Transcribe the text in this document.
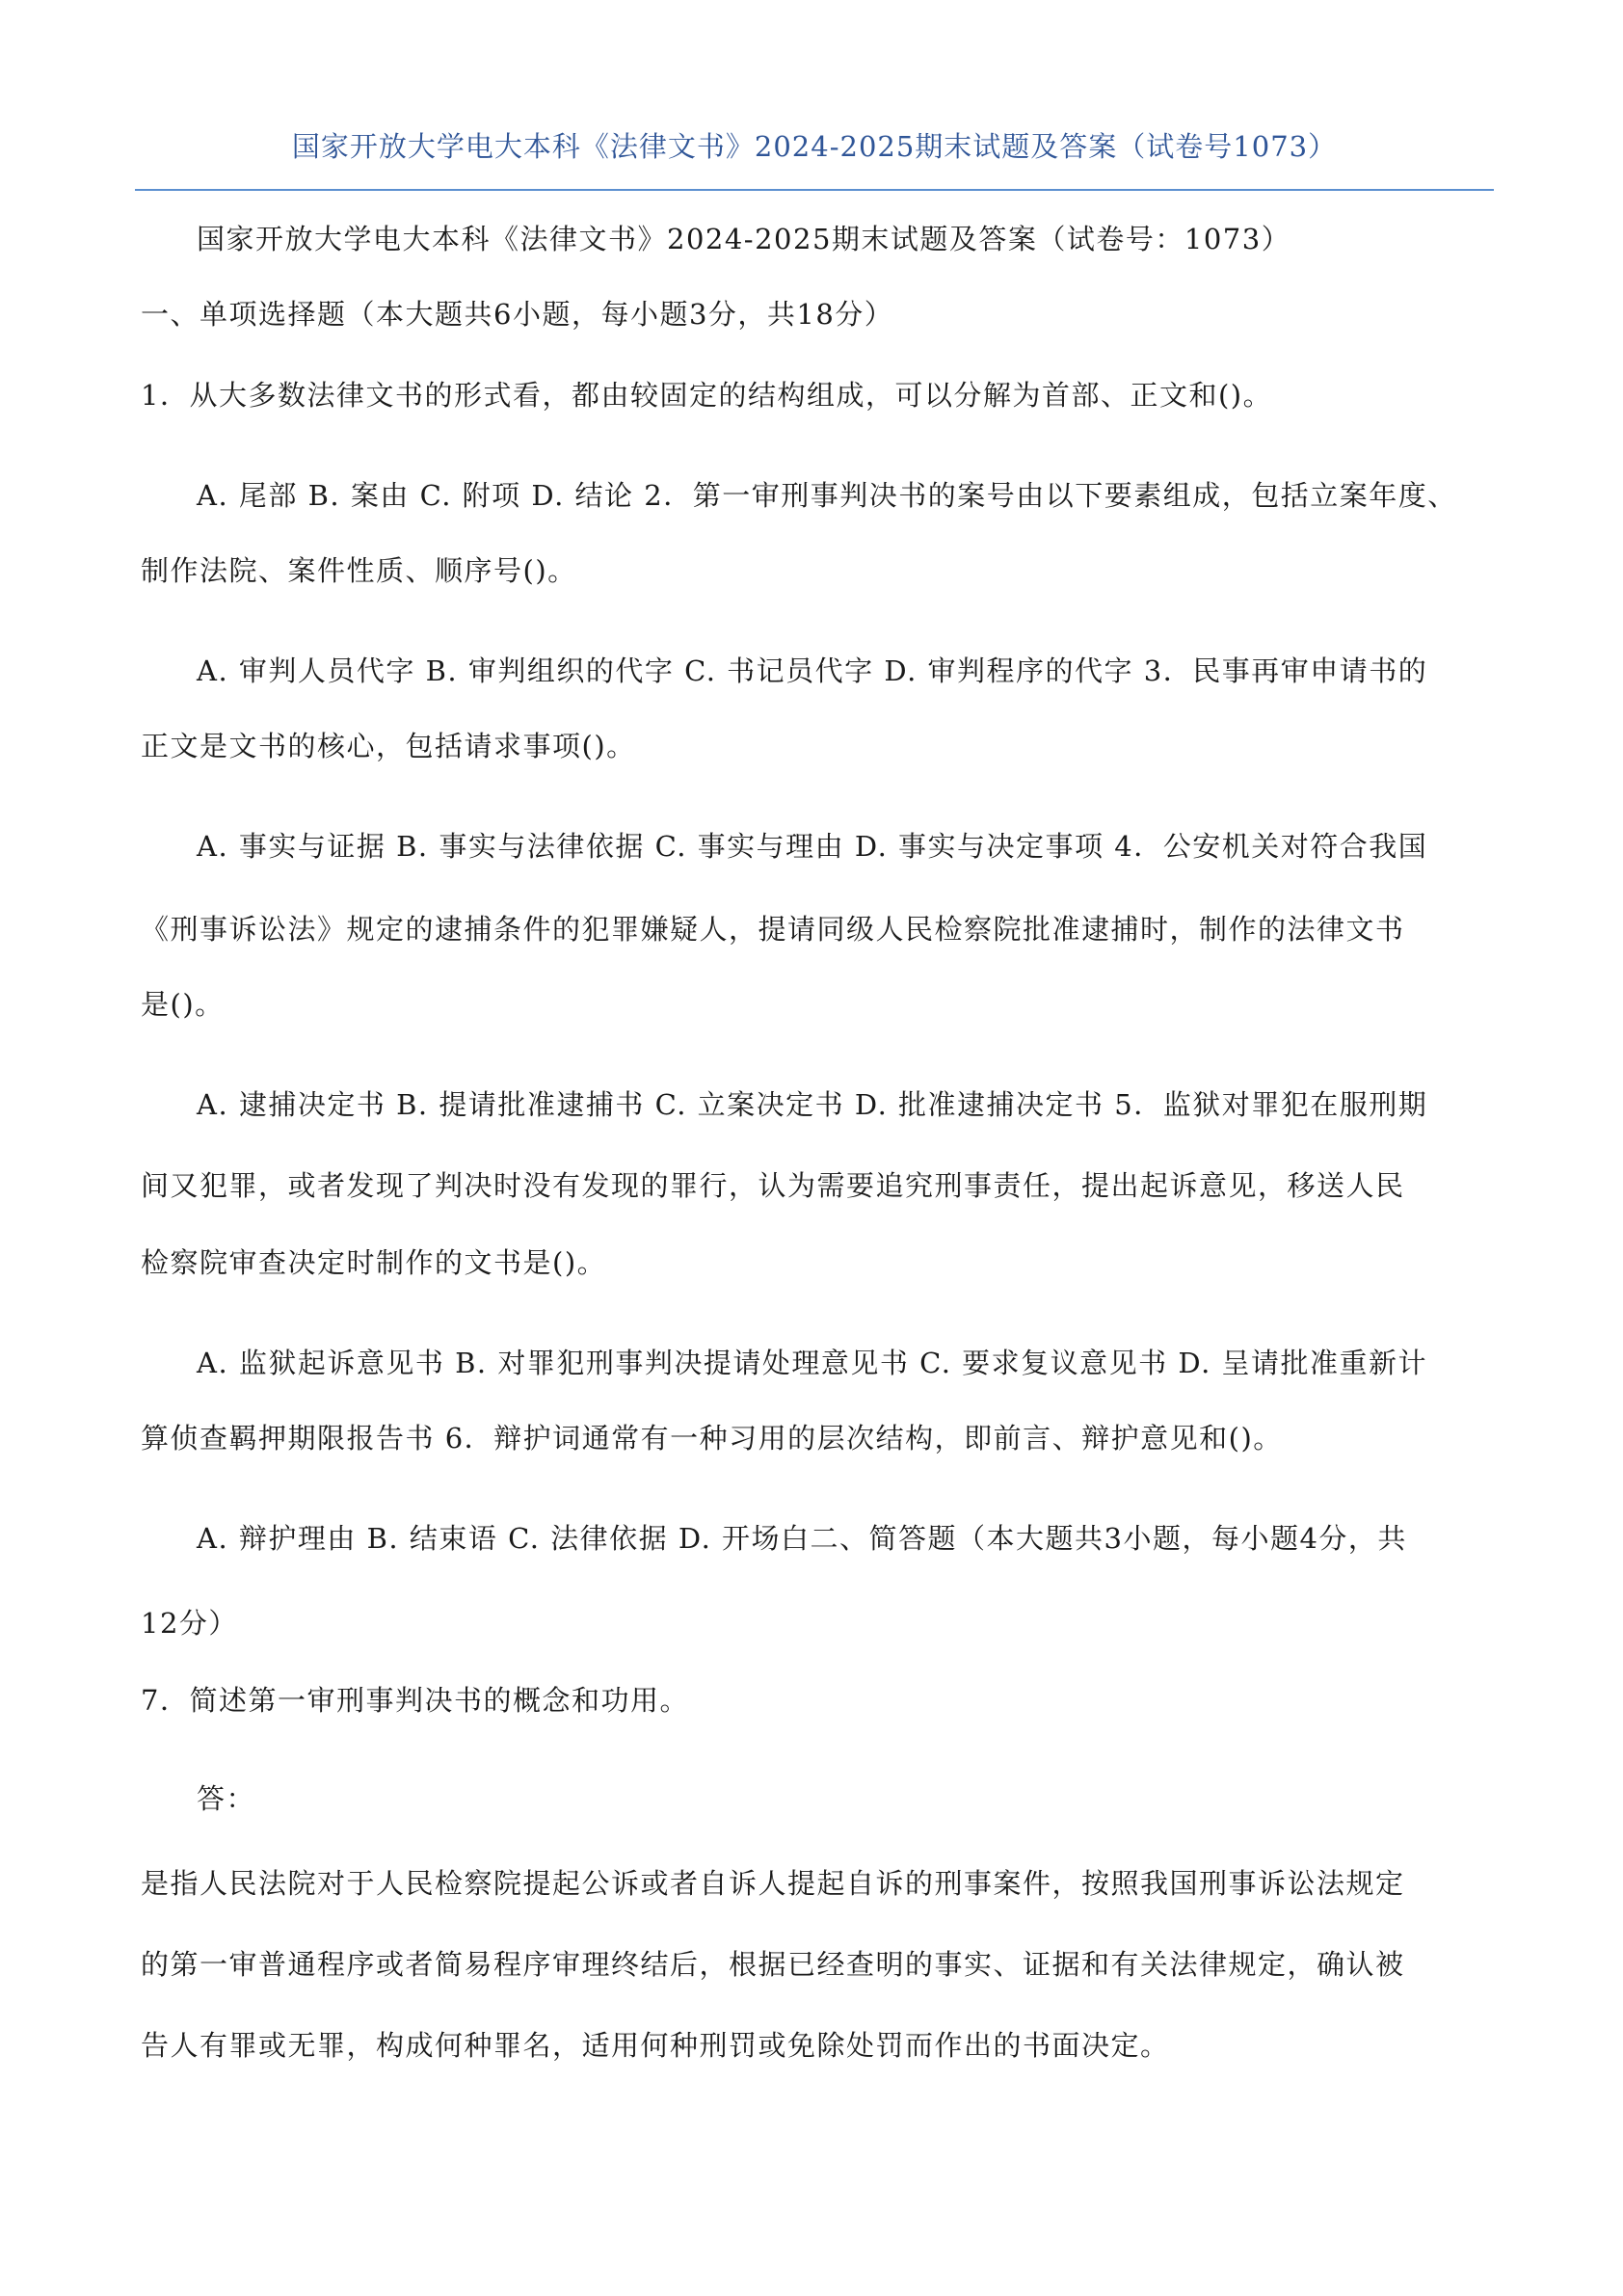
国家开放大学电大本科《法律文书》2024-2025期末试题及答案（试卷号1073）
国家开放大学电大本科《法律文书》2024-2025期末试题及答案（试卷号：1073）
一、单项选择题（本大题共6小题，每小题3分，共18分）
1．从大多数法律文书的形式看，都由较固定的结构组成，可以分解为首部、正文和()。
A. 尾部 B. 案由 C. 附项 D. 结论 2．第一审刑事判决书的案号由以下要素组成，包括立案年度、
制作法院、案件性质、顺序号()。
A. 审判人员代字 B. 审判组织的代字 C. 书记员代字 D. 审判程序的代字 3．民事再审申请书的
正文是文书的核心，包括请求事项()。
A. 事实与证据 B. 事实与法律依据 C. 事实与理由 D. 事实与决定事项 4．公安机关对符合我国
《刑事诉讼法》规定的逮捕条件的犯罪嫌疑人，提请同级人民检察院批准逮捕时，制作的法律文书
是()。
A. 逮捕决定书 B. 提请批准逮捕书 C. 立案决定书 D. 批准逮捕决定书 5．监狱对罪犯在服刑期
间又犯罪，或者发现了判决时没有发现的罪行，认为需要追究刑事责任，提出起诉意见，移送人民
检察院审查决定时制作的文书是()。
A. 监狱起诉意见书 B. 对罪犯刑事判决提请处理意见书 C. 要求复议意见书 D. 呈请批准重新计
算侦查羁押期限报告书 6．辩护词通常有一种习用的层次结构，即前言、辩护意见和()。
A. 辩护理由 B. 结束语 C. 法律依据 D. 开场白二、简答题（本大题共3小题，每小题4分，共
12分）
7．简述第一审刑事判决书的概念和功用。
答：
是指人民法院对于人民检察院提起公诉或者自诉人提起自诉的刑事案件，按照我国刑事诉讼法规定
的第一审普通程序或者简易程序审理终结后，根据已经查明的事实、证据和有关法律规定，确认被
告人有罪或无罪，构成何种罪名，适用何种刑罚或免除处罚而作出的书面决定。
